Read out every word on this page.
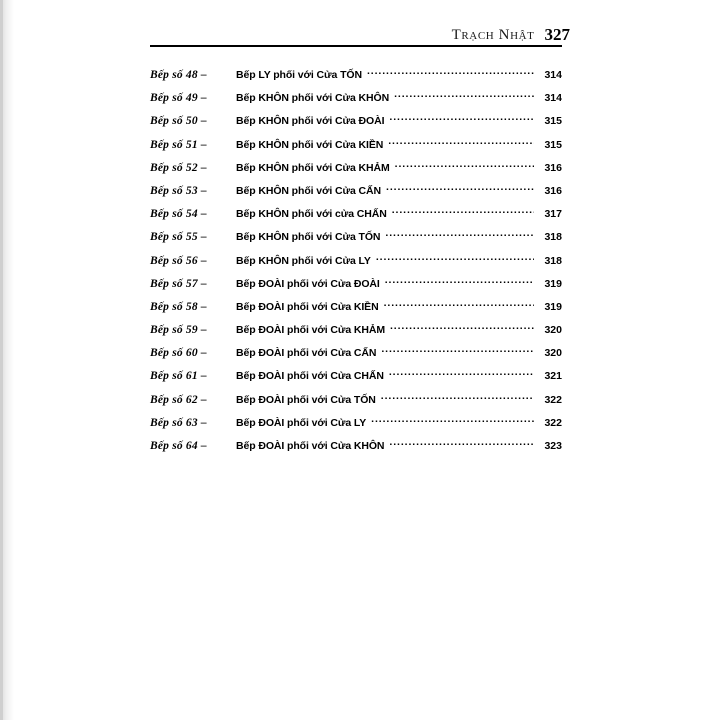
Trạch Nhật 327
Bếp số 48 –	Bếp LY phối với Cửa TỐN .....	314
Bếp số 49 –	Bếp KHÔN phối với Cửa KHÔN .....	314
Bếp số 50 –	Bếp KHÔN phối với Cửa ĐOÀI .....	315
Bếp số 51 –	Bếp KHÔN phối với Cửa KIỀN .....	315
Bếp số 52 –	Bếp KHÔN phối với Cửa KHẢM .....	316
Bếp số 53 –	Bếp KHÔN phối với Cửa CẤN .....	316
Bếp số 54 –	Bếp KHÔN phối với cửa CHẤN .....	317
Bếp số 55 –	Bếp KHÔN phối với Cửa TỐN .....	318
Bếp số 56 –	Bếp KHÔN phối với Cửa LY .....	318
Bếp số 57 –	Bếp ĐOÀI phối với Cửa ĐOÀI .....	319
Bếp số 58 –	Bếp ĐOÀI phối với Cửa KIỀN .....	319
Bếp số 59 –	Bếp ĐOÀI phối với Cửa KHẢM .....	320
Bếp số 60 –	Bếp ĐOÀI phối với Cửa CẤN .....	320
Bếp số 61 –	Bếp ĐOÀI phối với Cửa CHẤN .....	321
Bếp số 62 –	Bếp ĐOÀI phối với Cửa TỐN .....	322
Bếp số 63 –	Bếp ĐOÀI phối với Cửa LY .....	322
Bếp số 64 –	Bếp ĐOÀI phối với Cửa KHÔN .....	323
